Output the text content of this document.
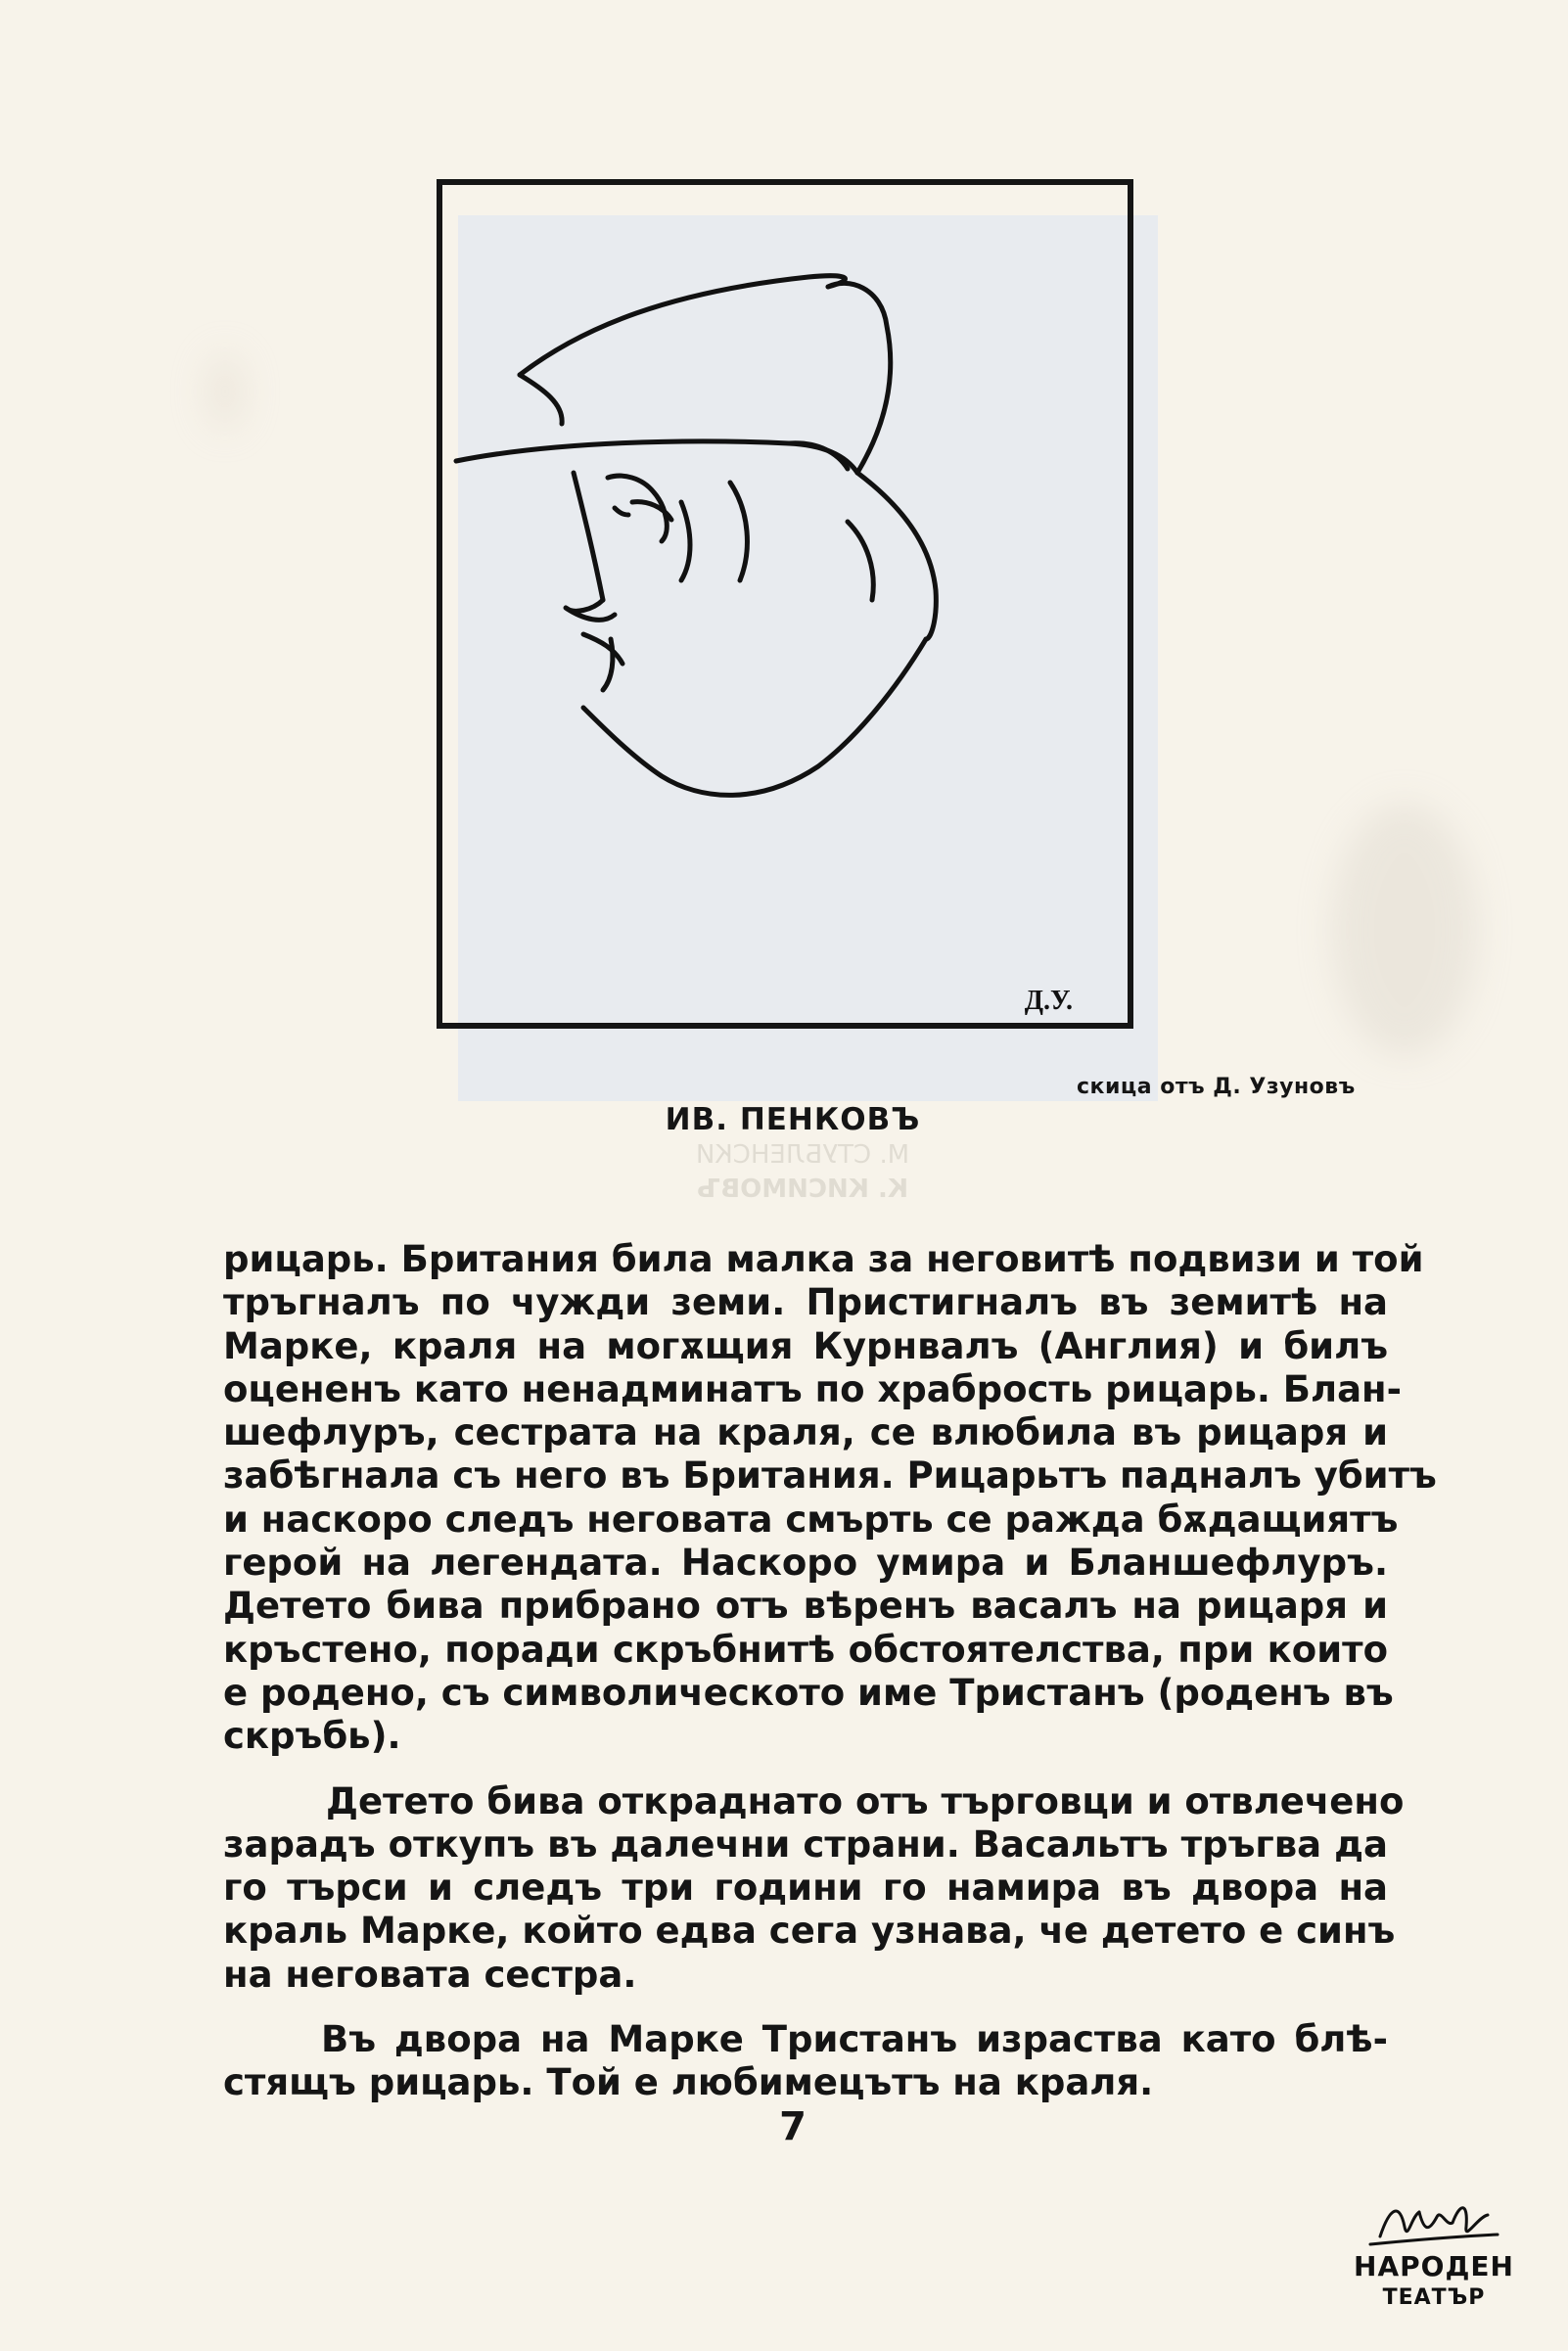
Д.У.
скица отъ Д. Узуновъ
ИВ. ПЕНКОВЪ
М. СТУБЛЕНСКИ
К. КИСИМОВЪ
рицарь. Британия била малка за неговитѣ подвизи и той
тръгналъ по чужди земи. Пристигналъ въ земитѣ на
Марке, краля на могѫщия Курнвалъ (Англия) и билъ
оцененъ като ненадминатъ по храбрость рицарь. Блан-
шефлуръ, сестрата на краля, се влюбила въ рицаря и
забѣгнала съ него въ Британия. Рицарьтъ падналъ убитъ
и наскоро следъ неговата смърть се ражда бѫдащиятъ
герой на легендата. Наскоро умира и Бланшефлуръ.
Детето бива прибрано отъ вѣренъ васалъ на рицаря и
кръстено, поради скръбнитѣ обстоятелства, при които
е родено, съ символическото име Тристанъ (роденъ въ
скръбь).
Детето бива откраднато отъ търговци и отвлечено
зарадъ откупъ въ далечни страни. Васальтъ тръгва да
го търси и следъ три години го намира въ двора на
краль Марке, който едва сега узнава, че детето е синъ
на неговата сестра.
Въ двора на Марке Тристанъ израства като блѣ-
стящъ рицарь. Той е любимецътъ на краля.
7
НАРОДЕН
ТЕАТЪР
